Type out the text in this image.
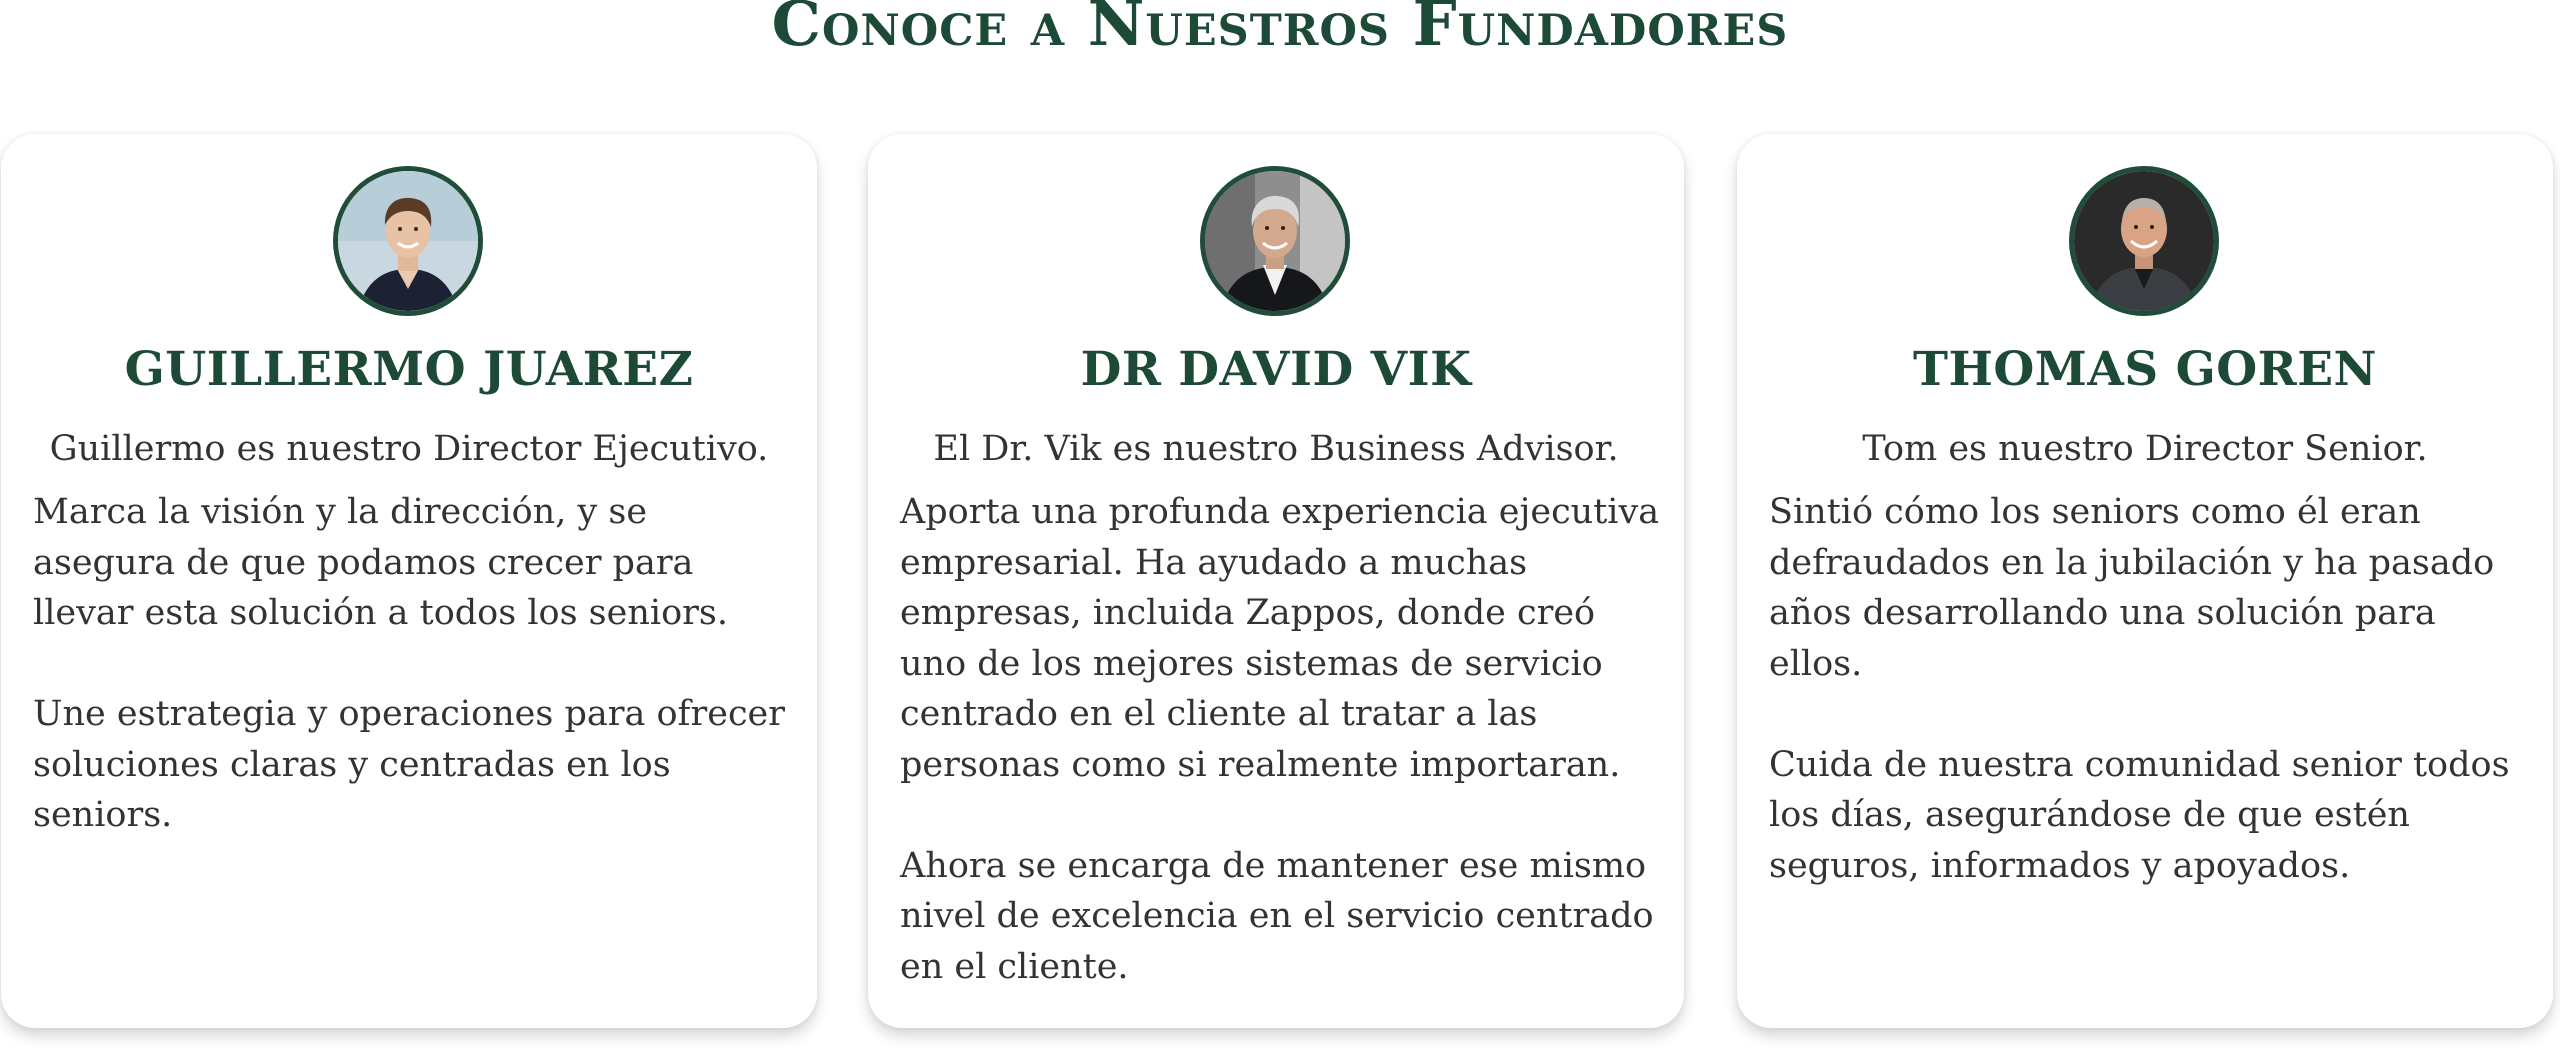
Conoce a Nuestros Fundadores
GUILLERMO JUAREZ
Guillermo es nuestro Director Ejecutivo.

Marca la visión y la dirección, y se asegura de que podamos crecer para llevar esta solución a todos los seniors.

Une estrategia y operaciones para ofrecer soluciones claras y centradas en los seniors.

DR DAVID VIK
El Dr. Vik es nuestro Business Advisor.

Aporta una profunda experiencia ejecutiva empresarial. Ha ayudado a muchas empresas, incluida Zappos, donde creó uno de los mejores sistemas de servicio centrado en el cliente al tratar a las personas como si realmente importaran.

Ahora se encarga de mantener ese mismo nivel de excelencia en el servicio centrado en el cliente.

THOMAS GOREN
Tom es nuestro Director Senior.

Sintió cómo los seniors como él eran defraudados en la jubilación y ha pasado años desarrollando una solución para ellos.

Cuida de nuestra comunidad senior todos los días, asegurándose de que estén seguros, informados y apoyados.
